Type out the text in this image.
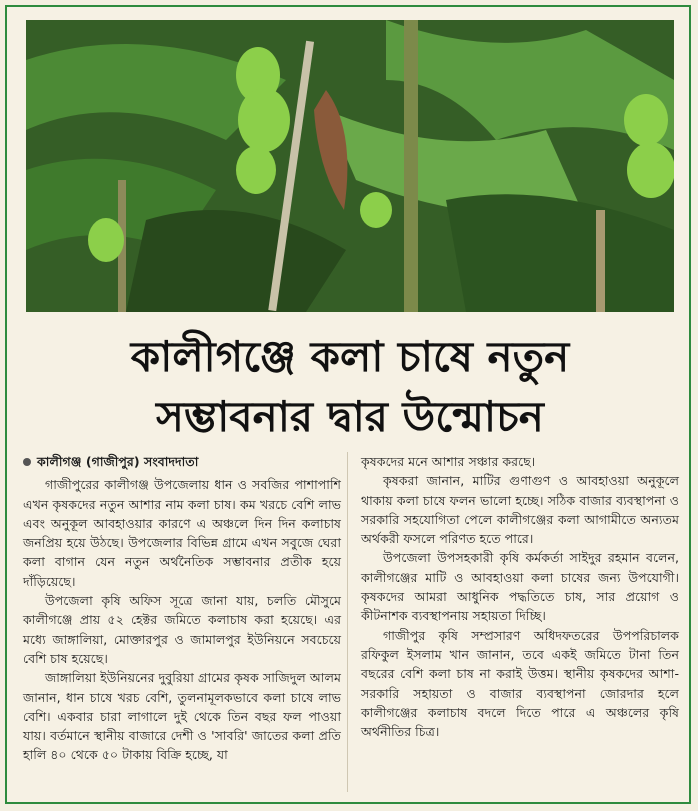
কালীগঞ্জে কলা চাষে নতুন
সম্ভাবনার দ্বার উন্মোচন
কালীগঞ্জ (গাজীপুর) সংবাদদাতা

গাজীপুরের কালীগঞ্জ উপজেলায় ধান ও সবজির পাশাপাশি এখন কৃষকদের নতুন আশার নাম কলা চাষ। কম খরচে বেশি লাভ এবং অনুকূল আবহাওয়ার কারণে এ অঞ্চলে দিন দিন কলাচাষ জনপ্রিয় হয়ে উঠছে। উপজেলার বিভিন্ন গ্রামে এখন সবুজে ঘেরা কলা বাগান যেন নতুন অর্থনৈতিক সম্ভাবনার প্রতীক হয়ে দাঁড়িয়েছে।

উপজেলা কৃষি অফিস সূত্রে জানা যায়, চলতি মৌসুমে কালীগঞ্জে প্রায় ৫২ হেক্টর জমিতে কলাচাষ করা হয়েছে। এর মধ্যে জাঙ্গালিয়া, মোক্তারপুর ও জামালপুর ইউনিয়নে সবচেয়ে বেশি চাষ হয়েছে।

জাঙ্গালিয়া ইউনিয়নের দুবুরিয়া গ্রামের কৃষক সাজিদুল আলম জানান, ধান চাষে খরচ বেশি, তুলনামূলকভাবে কলা চাষে লাভ বেশি। একবার চারা লাগালে দুই থেকে তিন বছর ফল পাওয়া যায়। বর্তমানে স্থানীয় বাজারে দেশী ও 'সাবরি' জাতের কলা প্রতি হালি ৪০ থেকে ৫০ টাকায় বিক্রি হচ্ছে, যা

কৃষকদের মনে আশার সঞ্চার করছে।

কৃষকরা জানান, মাটির গুণাগুণ ও আবহাওয়া অনুকূলে থাকায় কলা চাষে ফলন ভালো হচ্ছে। সঠিক বাজার ব্যবস্থাপনা ও সরকারি সহযোগিতা পেলে কালীগঞ্জের কলা আগামীতে অন্যতম অর্থকরী ফসলে পরিণত হতে পারে।

উপজেলা উপসহকারী কৃষি কর্মকর্তা সাইদুর রহমান বলেন, কালীগঞ্জের মাটি ও আবহাওয়া কলা চাষের জন্য উপযোগী। কৃষকদের আমরা আধুনিক পদ্ধতিতে চাষ, সার প্রয়োগ ও কীটনাশক ব্যবস্থাপনায় সহায়তা দিচ্ছি।

গাজীপুর কৃষি সম্প্রসারণ অধিদফতরের উপপরিচালক রফিকুল ইসলাম খান জানান, তবে একই জমিতে টানা তিন বছরের বেশি কলা চাষ না করাই উত্তম। স্থানীয় কৃষকদের আশা- সরকারি সহায়তা ও বাজার ব্যবস্থাপনা জোরদার হলে কালীগঞ্জের কলাচাষ বদলে দিতে পারে এ অঞ্চলের কৃষি অর্থনীতির চিত্র।
